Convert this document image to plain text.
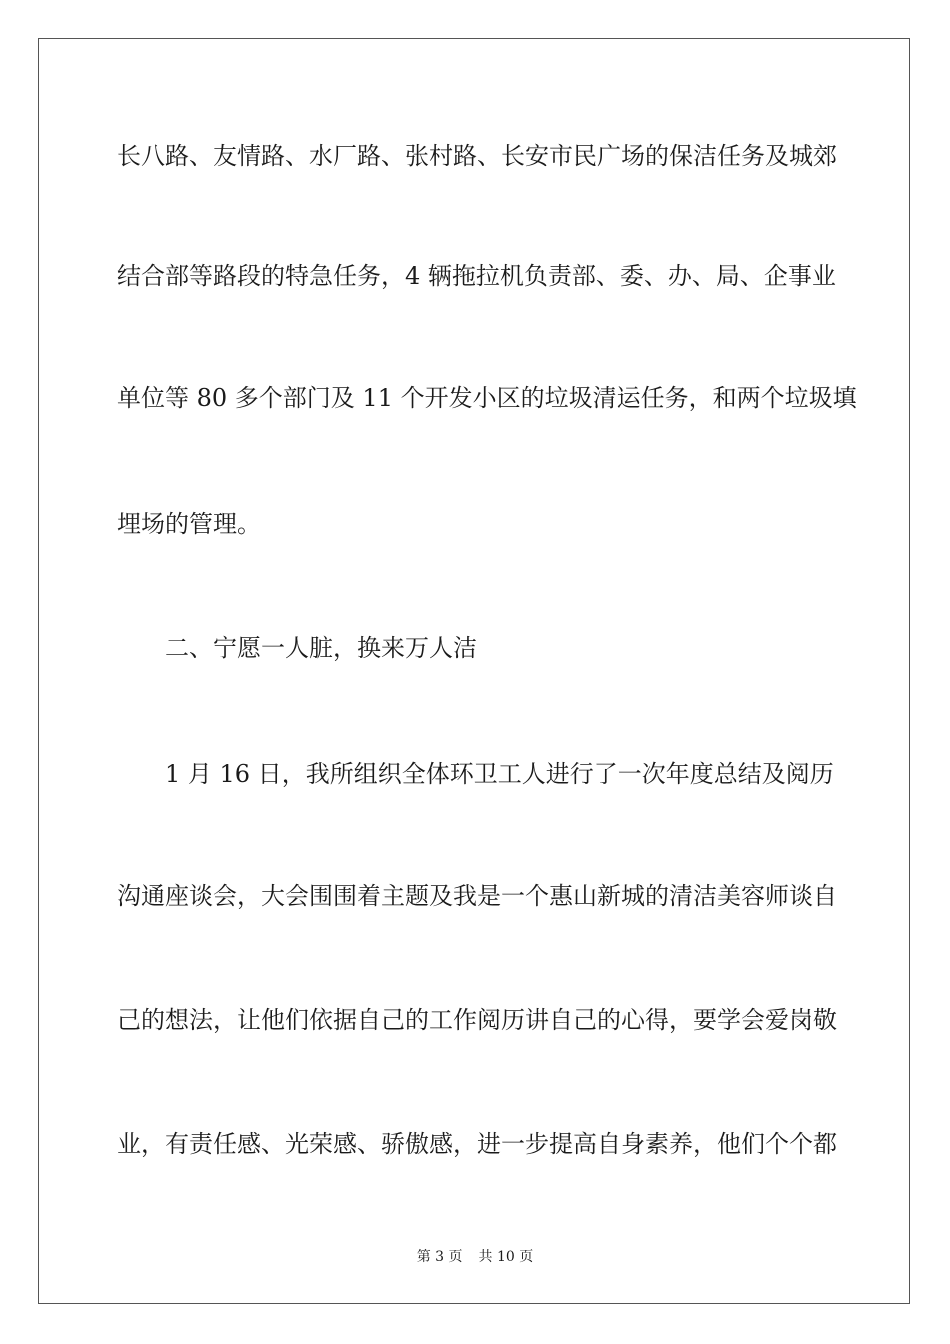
长八路、友情路、水厂路、张村路、长安市民广场的保洁任务及城郊
结合部等路段的特急任务，4 辆拖拉机负责部、委、办、局、企事业
单位等 80 多个部门及 11 个开发小区的垃圾清运任务，和两个垃圾填
埋场的管理。
二、宁愿一人脏，换来万人洁
1 月 16 日，我所组织全体环卫工人进行了一次年度总结及阅历
沟通座谈会，大会围围着主题及我是一个惠山新城的清洁美容师谈自
己的想法，让他们依据自己的工作阅历讲自己的心得，要学会爱岗敬
业，有责任感、光荣感、骄傲感，进一步提高自身素养，他们个个都
第 3 页 共 10 页
